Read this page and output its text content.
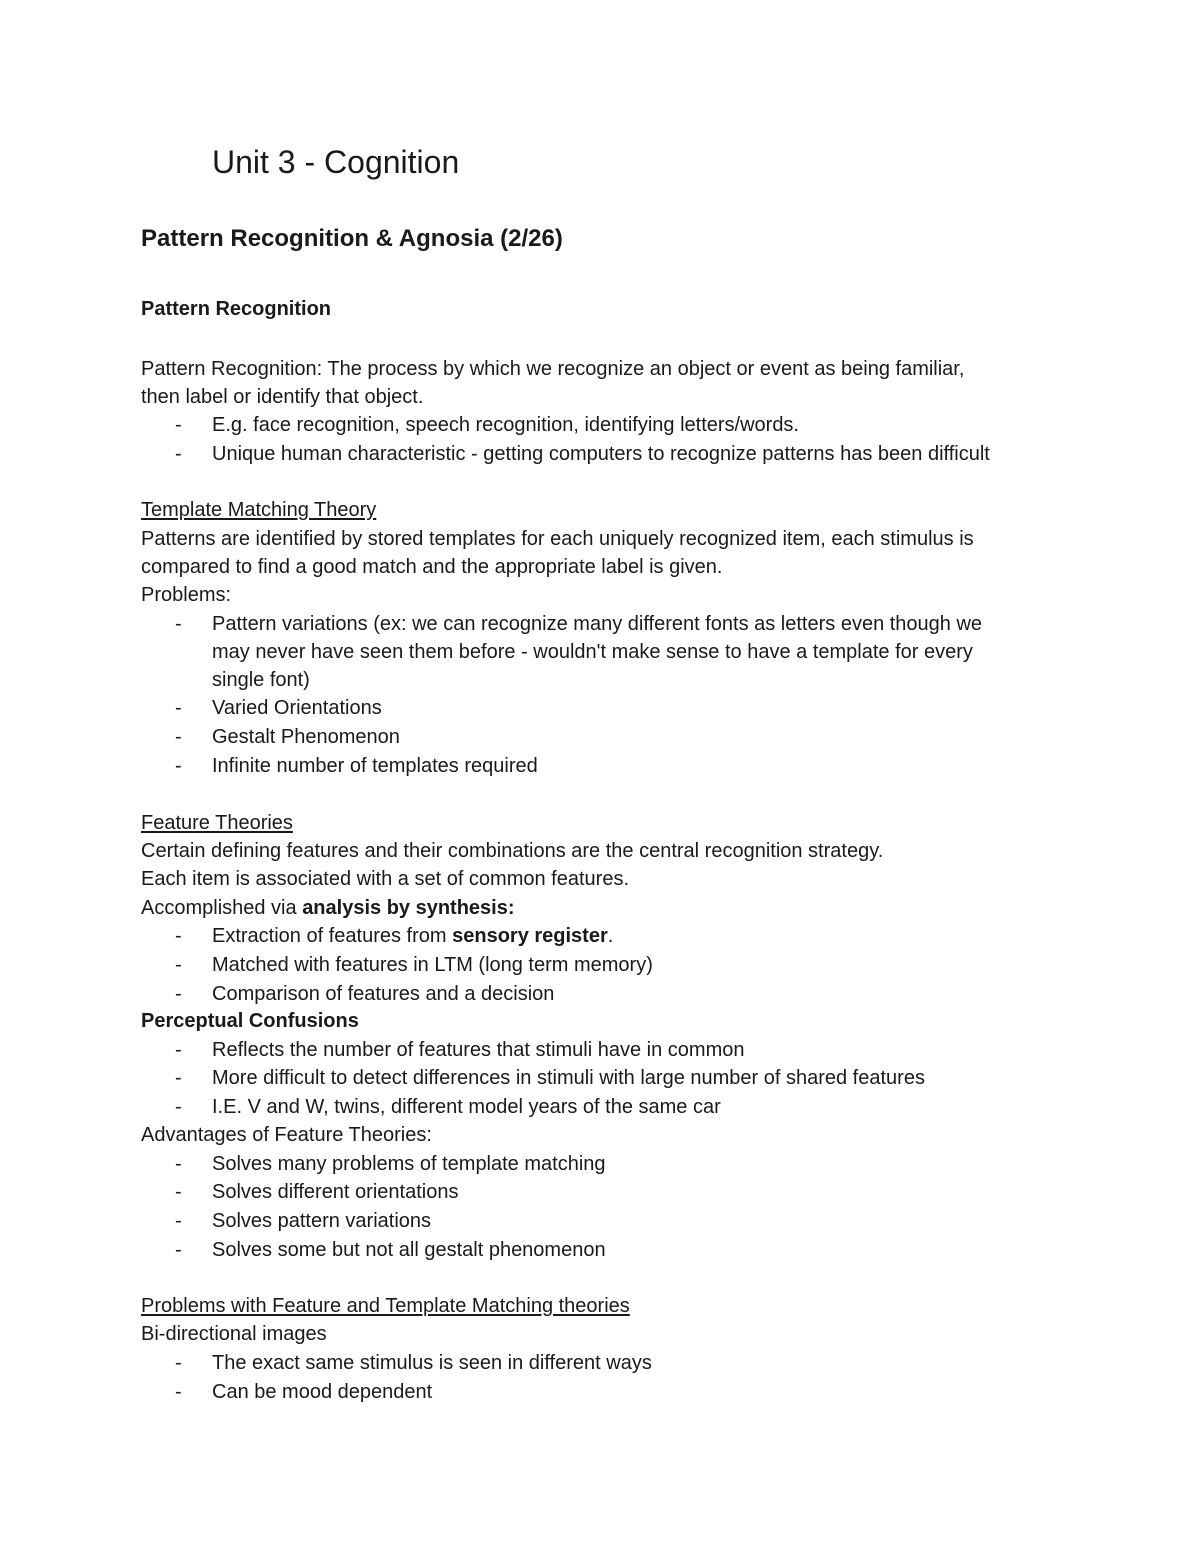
Unit 3 - Cognition
Pattern Recognition & Agnosia (2/26)
Pattern Recognition
Pattern Recognition: The process by which we recognize an object or event as being familiar,
then label or identify that object.
- E.g. face recognition, speech recognition, identifying letters/words.
- Unique human characteristic - getting computers to recognize patterns has been difficult
Template Matching Theory
Patterns are identified by stored templates for each uniquely recognized item, each stimulus is
compared to find a good match and the appropriate label is given.
Problems:
- Pattern variations (ex: we can recognize many different fonts as letters even though we
may never have seen them before - wouldn't make sense to have a template for every
single font)
- Varied Orientations
- Gestalt Phenomenon
- Infinite number of templates required
Feature Theories
Certain defining features and their combinations are the central recognition strategy.
Each item is associated with a set of common features.
Accomplished via analysis by synthesis:
- Extraction of features from sensory register.
- Matched with features in LTM (long term memory)
- Comparison of features and a decision
Perceptual Confusions
- Reflects the number of features that stimuli have in common
- More difficult to detect differences in stimuli with large number of shared features
- I.E. V and W, twins, different model years of the same car
Advantages of Feature Theories:
- Solves many problems of template matching
- Solves different orientations
- Solves pattern variations
- Solves some but not all gestalt phenomenon
Problems with Feature and Template Matching theories
Bi-directional images
- The exact same stimulus is seen in different ways
- Can be mood dependent
